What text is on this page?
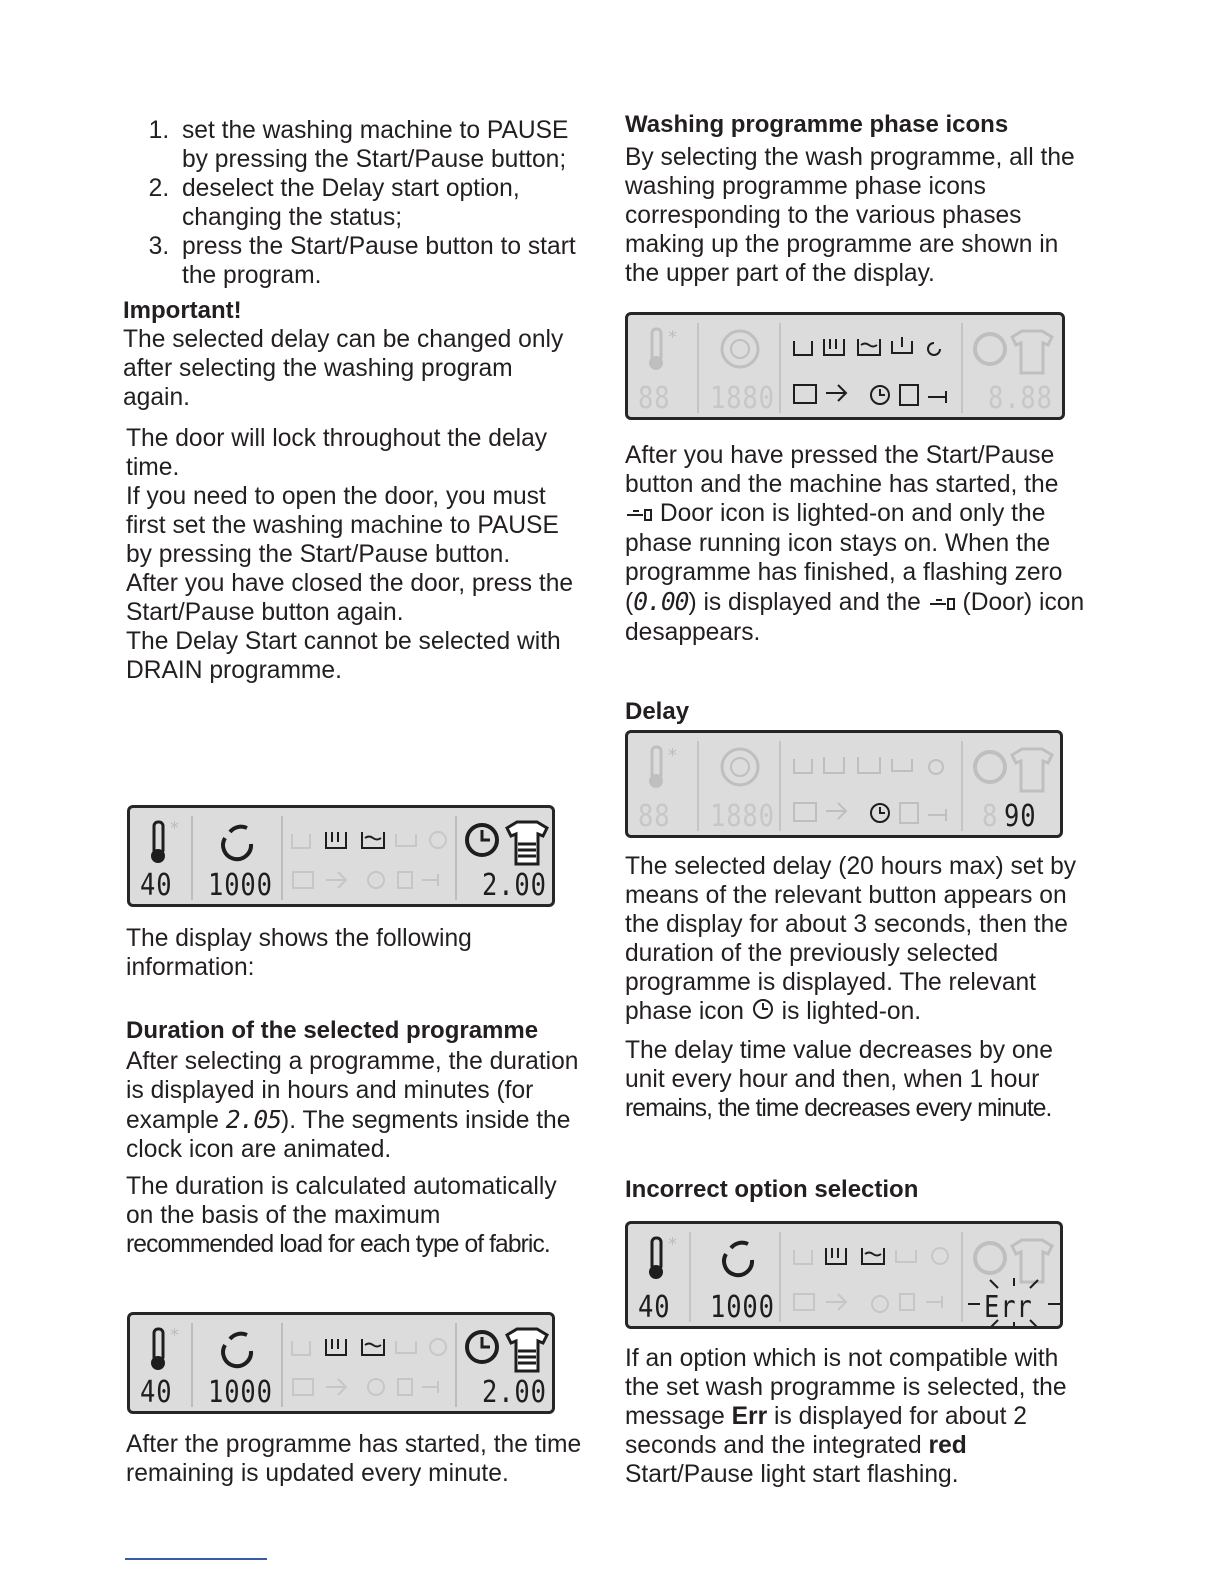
1. set the washing machine to PAUSE by pressing the Start/Pause button;
2. deselect the Delay start option, changing the status;
3. press the Start/Pause button to start the program.
Important!

The selected delay can be changed only after selecting the washing program again.

The door will lock throughout the delay time.

If you need to open the door, you must first set the washing machine to PAUSE by pressing the Start/Pause button.

After you have closed the door, press the Start/Pause button again.

The Delay Start cannot be selected with DRAIN programme.

*
40 1000	2.00

The display shows the following information:

Duration of the selected programme

After selecting a programme, the duration is displayed in hours and minutes (for example 2.05). The segments inside the clock icon are animated.

The duration is calculated automatically on the basis of the maximum

recommended load for each type of fabric.

*
40 1000	2.00

After the programme has started, the time remaining is updated every minute.

Washing programme phase icons

By selecting the wash programme, all the washing programme phase icons corresponding to the various phases making up the programme are shown in the upper part of the display.

*
88 1880	8.88

After you have pressed the Start/Pause button and the machine has started, the  Door icon is lighted-on and only the phase running icon stays on. When the programme has finished, a flashing zero (0.00) is displayed and the  (Door) icon desappears.

Delay
*
88 1880	8 90

The selected delay (20 hours max) set by means of the relevant button appears on the display for about 3 seconds, then the duration of the previously selected programme is displayed. The relevant phase icon  is lighted-on.

The delay time value decreases by one unit every hour and then, when 1 hour

remains, the time decreases every minute.

Incorrect option selection
*
40 1000	Err

If an option which is not compatible with the set wash programme is selected, the message Err is displayed for about 2 seconds and the integrated red Start/Pause light start flashing.
